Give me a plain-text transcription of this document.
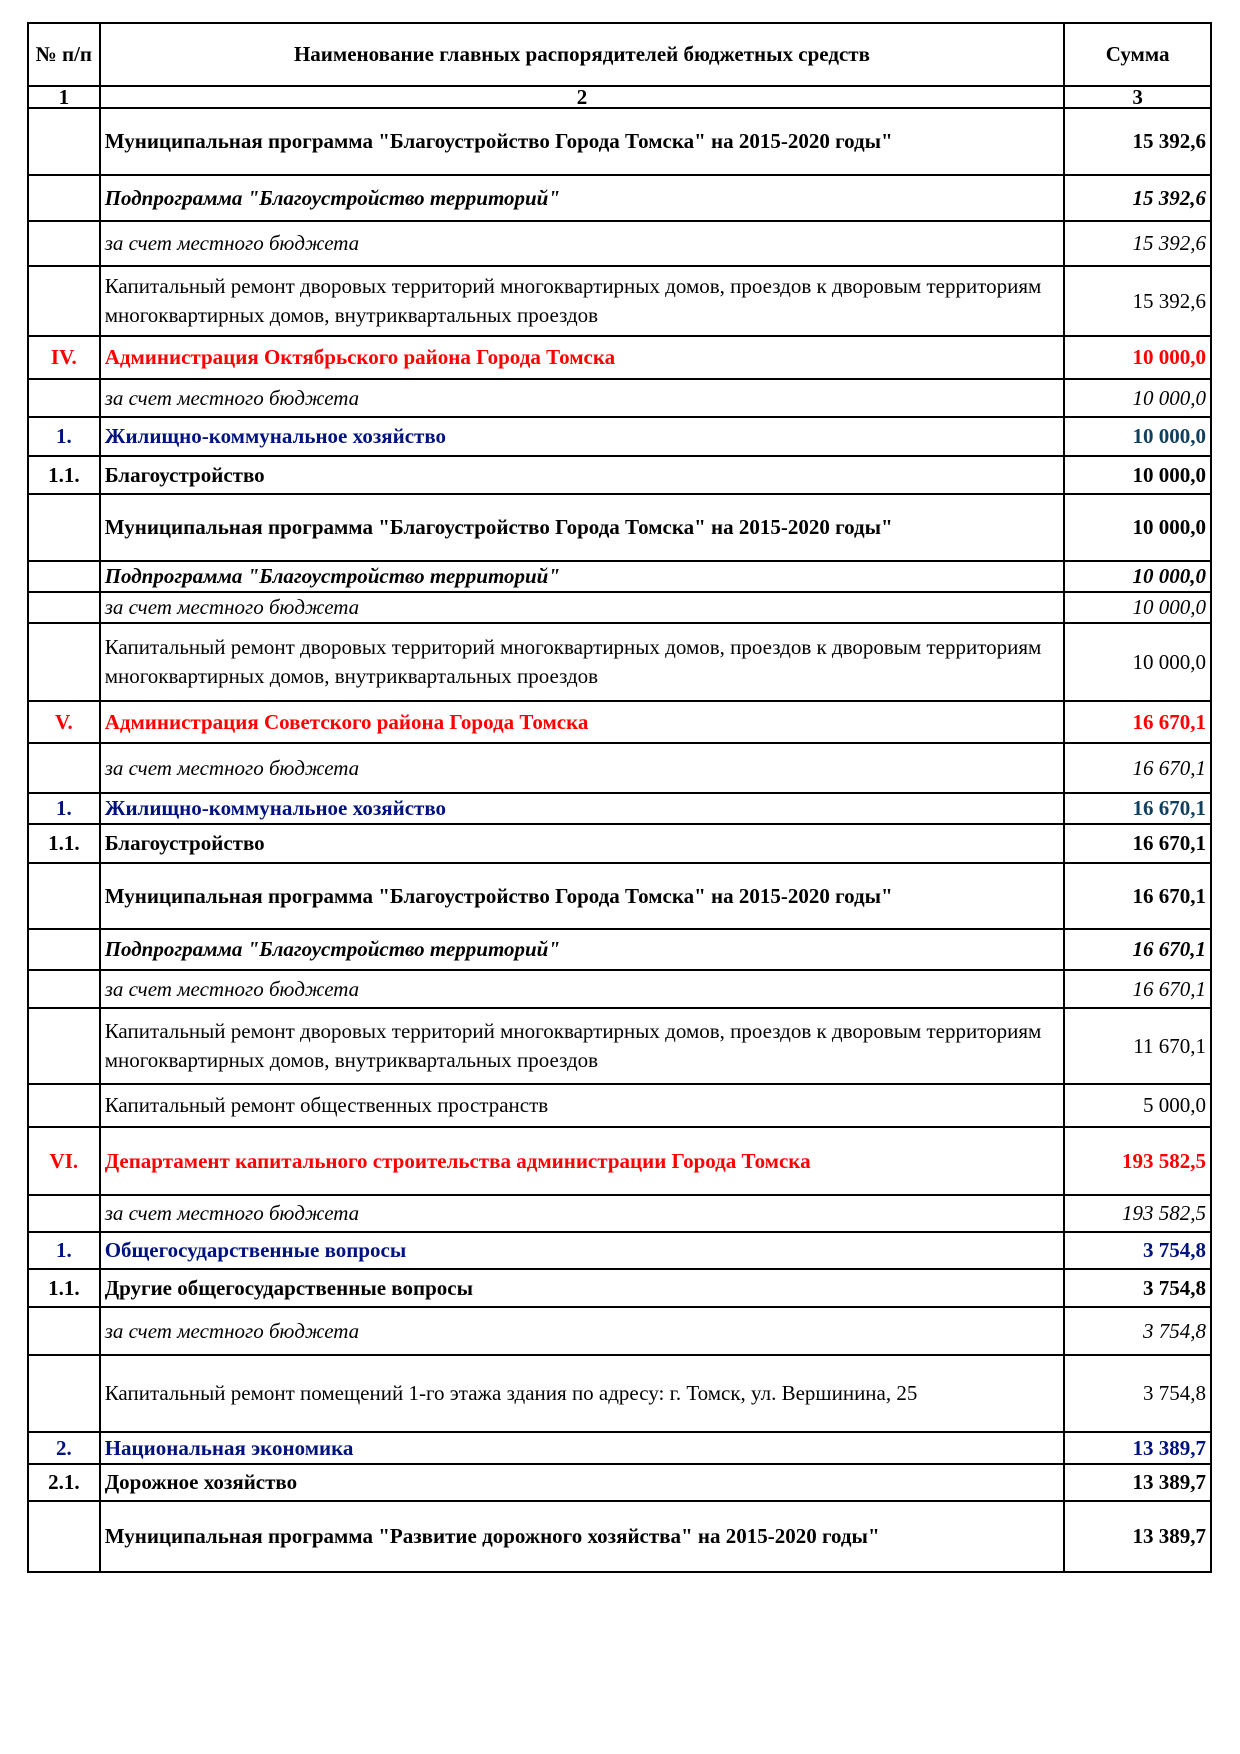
№ п/п	Наименование главных распорядителей бюджетных средств	Сумма
1	2	3
	Муниципальная программа "Благоустройство Города Томска" на 2015-2020 годы"	15 392,6
	Подпрограмма "Благоустройство территорий"	15 392,6
	за счет местного бюджета	15 392,6
	Капитальный ремонт дворовых территорий многоквартирных домов, проездов к дворовым территориям многоквартирных домов, внутриквартальных проездов	15 392,6
IV.	Администрация Октябрьского района Города Томска	10 000,0
	за счет местного бюджета	10 000,0
1.	Жилищно-коммунальное хозяйство	10 000,0
1.1.	Благоустройство	10 000,0
	Муниципальная программа "Благоустройство Города Томска" на 2015-2020 годы"	10 000,0
	Подпрограмма "Благоустройство территорий"	10 000,0
	за счет местного бюджета	10 000,0
	Капитальный ремонт дворовых территорий многоквартирных домов, проездов к дворовым территориям многоквартирных домов, внутриквартальных проездов	10 000,0
V.	Администрация Советского района Города Томска	16 670,1
	за счет местного бюджета	16 670,1
1.	Жилищно-коммунальное хозяйство	16 670,1
1.1.	Благоустройство	16 670,1
	Муниципальная программа "Благоустройство Города Томска" на 2015-2020 годы"	16 670,1
	Подпрограмма "Благоустройство территорий"	16 670,1
	за счет местного бюджета	16 670,1
	Капитальный ремонт дворовых территорий многоквартирных домов, проездов к дворовым территориям многоквартирных домов, внутриквартальных проездов	11 670,1
	Капитальный ремонт общественных пространств	5 000,0
VI.	Департамент капитального строительства администрации Города Томска	193 582,5
	за счет местного бюджета	193 582,5
1.	Общегосударственные вопросы	3 754,8
1.1.	Другие общегосударственные вопросы	3 754,8
	за счет местного бюджета	3 754,8
	Капитальный ремонт помещений 1-го этажа здания по адресу: г. Томск, ул. Вершинина, 25	3 754,8
2.	Национальная экономика	13 389,7
2.1.	Дорожное хозяйство	13 389,7
	Муниципальная программа "Развитие дорожного хозяйства" на 2015-2020 годы"	13 389,7
